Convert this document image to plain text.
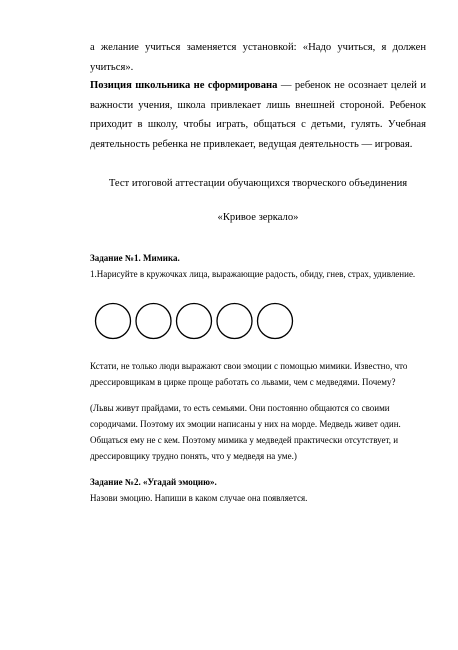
а желание учиться заменяется установкой: «Надо учиться, я должен учиться».

Позиция школьника не сформирована — ребенок не осознает целей и важности учения, школа привлекает лишь внешней стороной. Ребенок приходит в школу, чтобы играть, общаться с детьми, гулять. Учебная деятельность ребенка не привлекает, ведущая деятельность — игровая.

Тест итоговой аттестации обучающихся творческого объединения

«Кривое зеркало»

Задание №1. Мимика.

1.Нарисуйте в кружочках лица, выражающие радость, обиду, гнев, страх, удивление.

Кстати, не только люди выражают свои эмоции с помощью мимики. Известно, что дрессировщикам в цирке проще работать со львами, чем с медведями. Почему?

(Львы живут прайдами, то есть семьями. Они постоянно общаются со своими сородичами. Поэтому их эмоции написаны у них на морде. Медведь живет один. Общаться ему не с кем. Поэтому мимика у медведей практически отсутствует, и дрессировщику трудно понять, что у медведя на уме.)

Задание №2. «Угадай эмоцию».

Назови эмоцию. Напиши в каком случае она появляется.
